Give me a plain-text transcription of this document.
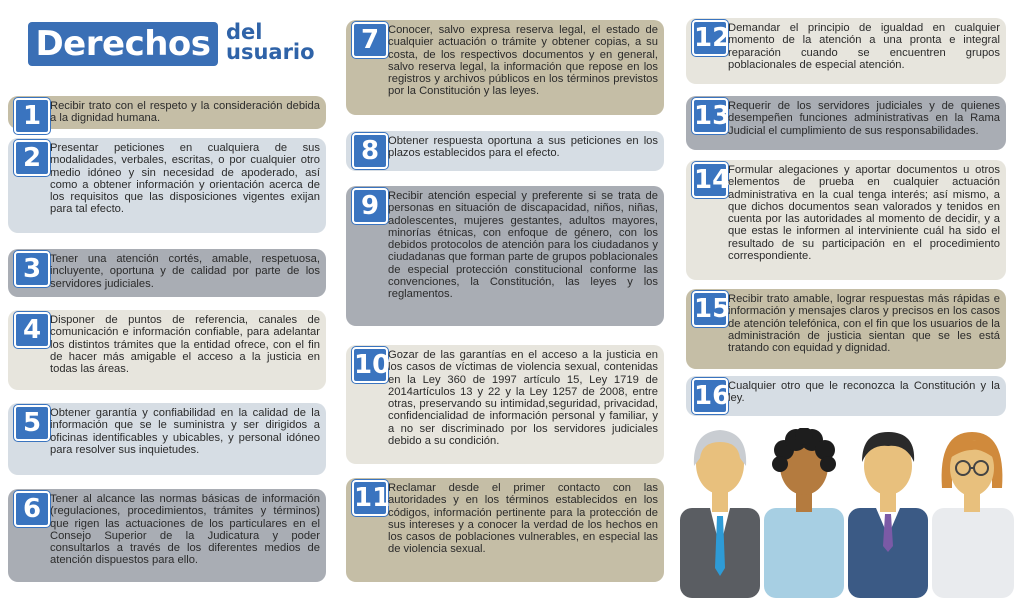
Derechos del
usuario
1 Recibir trato con el respeto y la consideración debida a la dignidad humana.
2 Presentar peticiones en cualquiera de sus modalidades, verbales, escritas, o por cualquier otro medio idóneo y sin necesidad de apoderado, así como a obtener información y orientación acerca de los requisitos que las disposiciones vigentes exijan para tal efecto.
3 Tener una atención cortés, amable, respetuosa, incluyente, oportuna y de calidad por parte de los servidores judiciales.
4 Disponer de puntos de referencia, canales de comunicación e información confiable, para adelantar los distintos trámites que la entidad ofrece, con el fin de hacer más amigable el acceso a la justicia en todas las áreas.
5 Obtener garantía y confiabilidad en la calidad de la información que se le suministra y ser dirigidos a oficinas identificables y ubicables, y personal idóneo para resolver sus inquietudes.
6 Tener al alcance las normas básicas de información (regulaciones, procedimientos, trámites y términos) que rigen las actuaciones de los particulares en el Consejo Superior de la Judicatura y poder consultarlos a través de los diferentes medios de atención dispuestos para ello.
7 Conocer, salvo expresa reserva legal, el estado de cualquier actuación o trámite y obtener copias, a su costa, de los respectivos documentos y en general, salvo reserva legal, la información que repose en los registros y archivos públicos en los términos previstos por la Constitución y las leyes.
8 Obtener respuesta oportuna a sus peticiones en los plazos establecidos para el efecto.
9 Recibir atención especial y preferente si se trata de personas en situación de discapacidad, niños, niñas, adolescentes, mujeres gestantes, adultos mayores, minorías étnicas, con enfoque de género, con los debidos protocolos de atención para los ciudadanos y ciudadanas que forman parte de grupos poblacionales de especial protección constitucional conforme las convenciones, la Constitución, las leyes y los reglamentos.
10
Gozar de las garantías en el acceso a la justicia en los casos de víctimas de violencia sexual, contenidas en la Ley 360 de 1997 artículo 15, Ley 1719 de 2014artículos 13 y 22 y la Ley 1257 de 2008, entre otras, preservando su intimidad,seguridad, privacidad, confidencialidad de información personal y familiar, y a no ser discriminado por los servidores judiciales debido a su condición.
11
Reclamar desde el primer contacto con las autoridades y en los términos establecidos en los códigos, información pertinente para la protección de sus intereses y a conocer la verdad de los hechos en los casos de poblaciones vulnerables, en especial las de violencia sexual.
12
Demandar el principio de igualdad en cualquier momento de la atención a una pronta e integral reparación cuando se encuentren grupos poblacionales de especial atención.
13
Requerir de los servidores judiciales y de quienes desempeñen funciones administrativas en la Rama Judicial el cumplimiento de sus responsabilidades.
14
Formular alegaciones y aportar documentos u otros elementos de prueba en cualquier actuación administrativa en la cual tenga interés; así mismo, a que dichos documentos sean valorados y tenidos en cuenta por las autoridades al momento de decidir, y a que estas le informen al interviniente cuál ha sido el resultado de su participación en el procedimiento correspondiente.
15
Recibir trato amable, lograr respuestas más rápidas e información y mensajes claros y precisos en los casos de atención telefónica, con el fin que los usuarios de la administración de justicia sientan que se les está tratando con equidad y dignidad.
16
Cualquier otro que le reconozca la Constitución y la ley.
